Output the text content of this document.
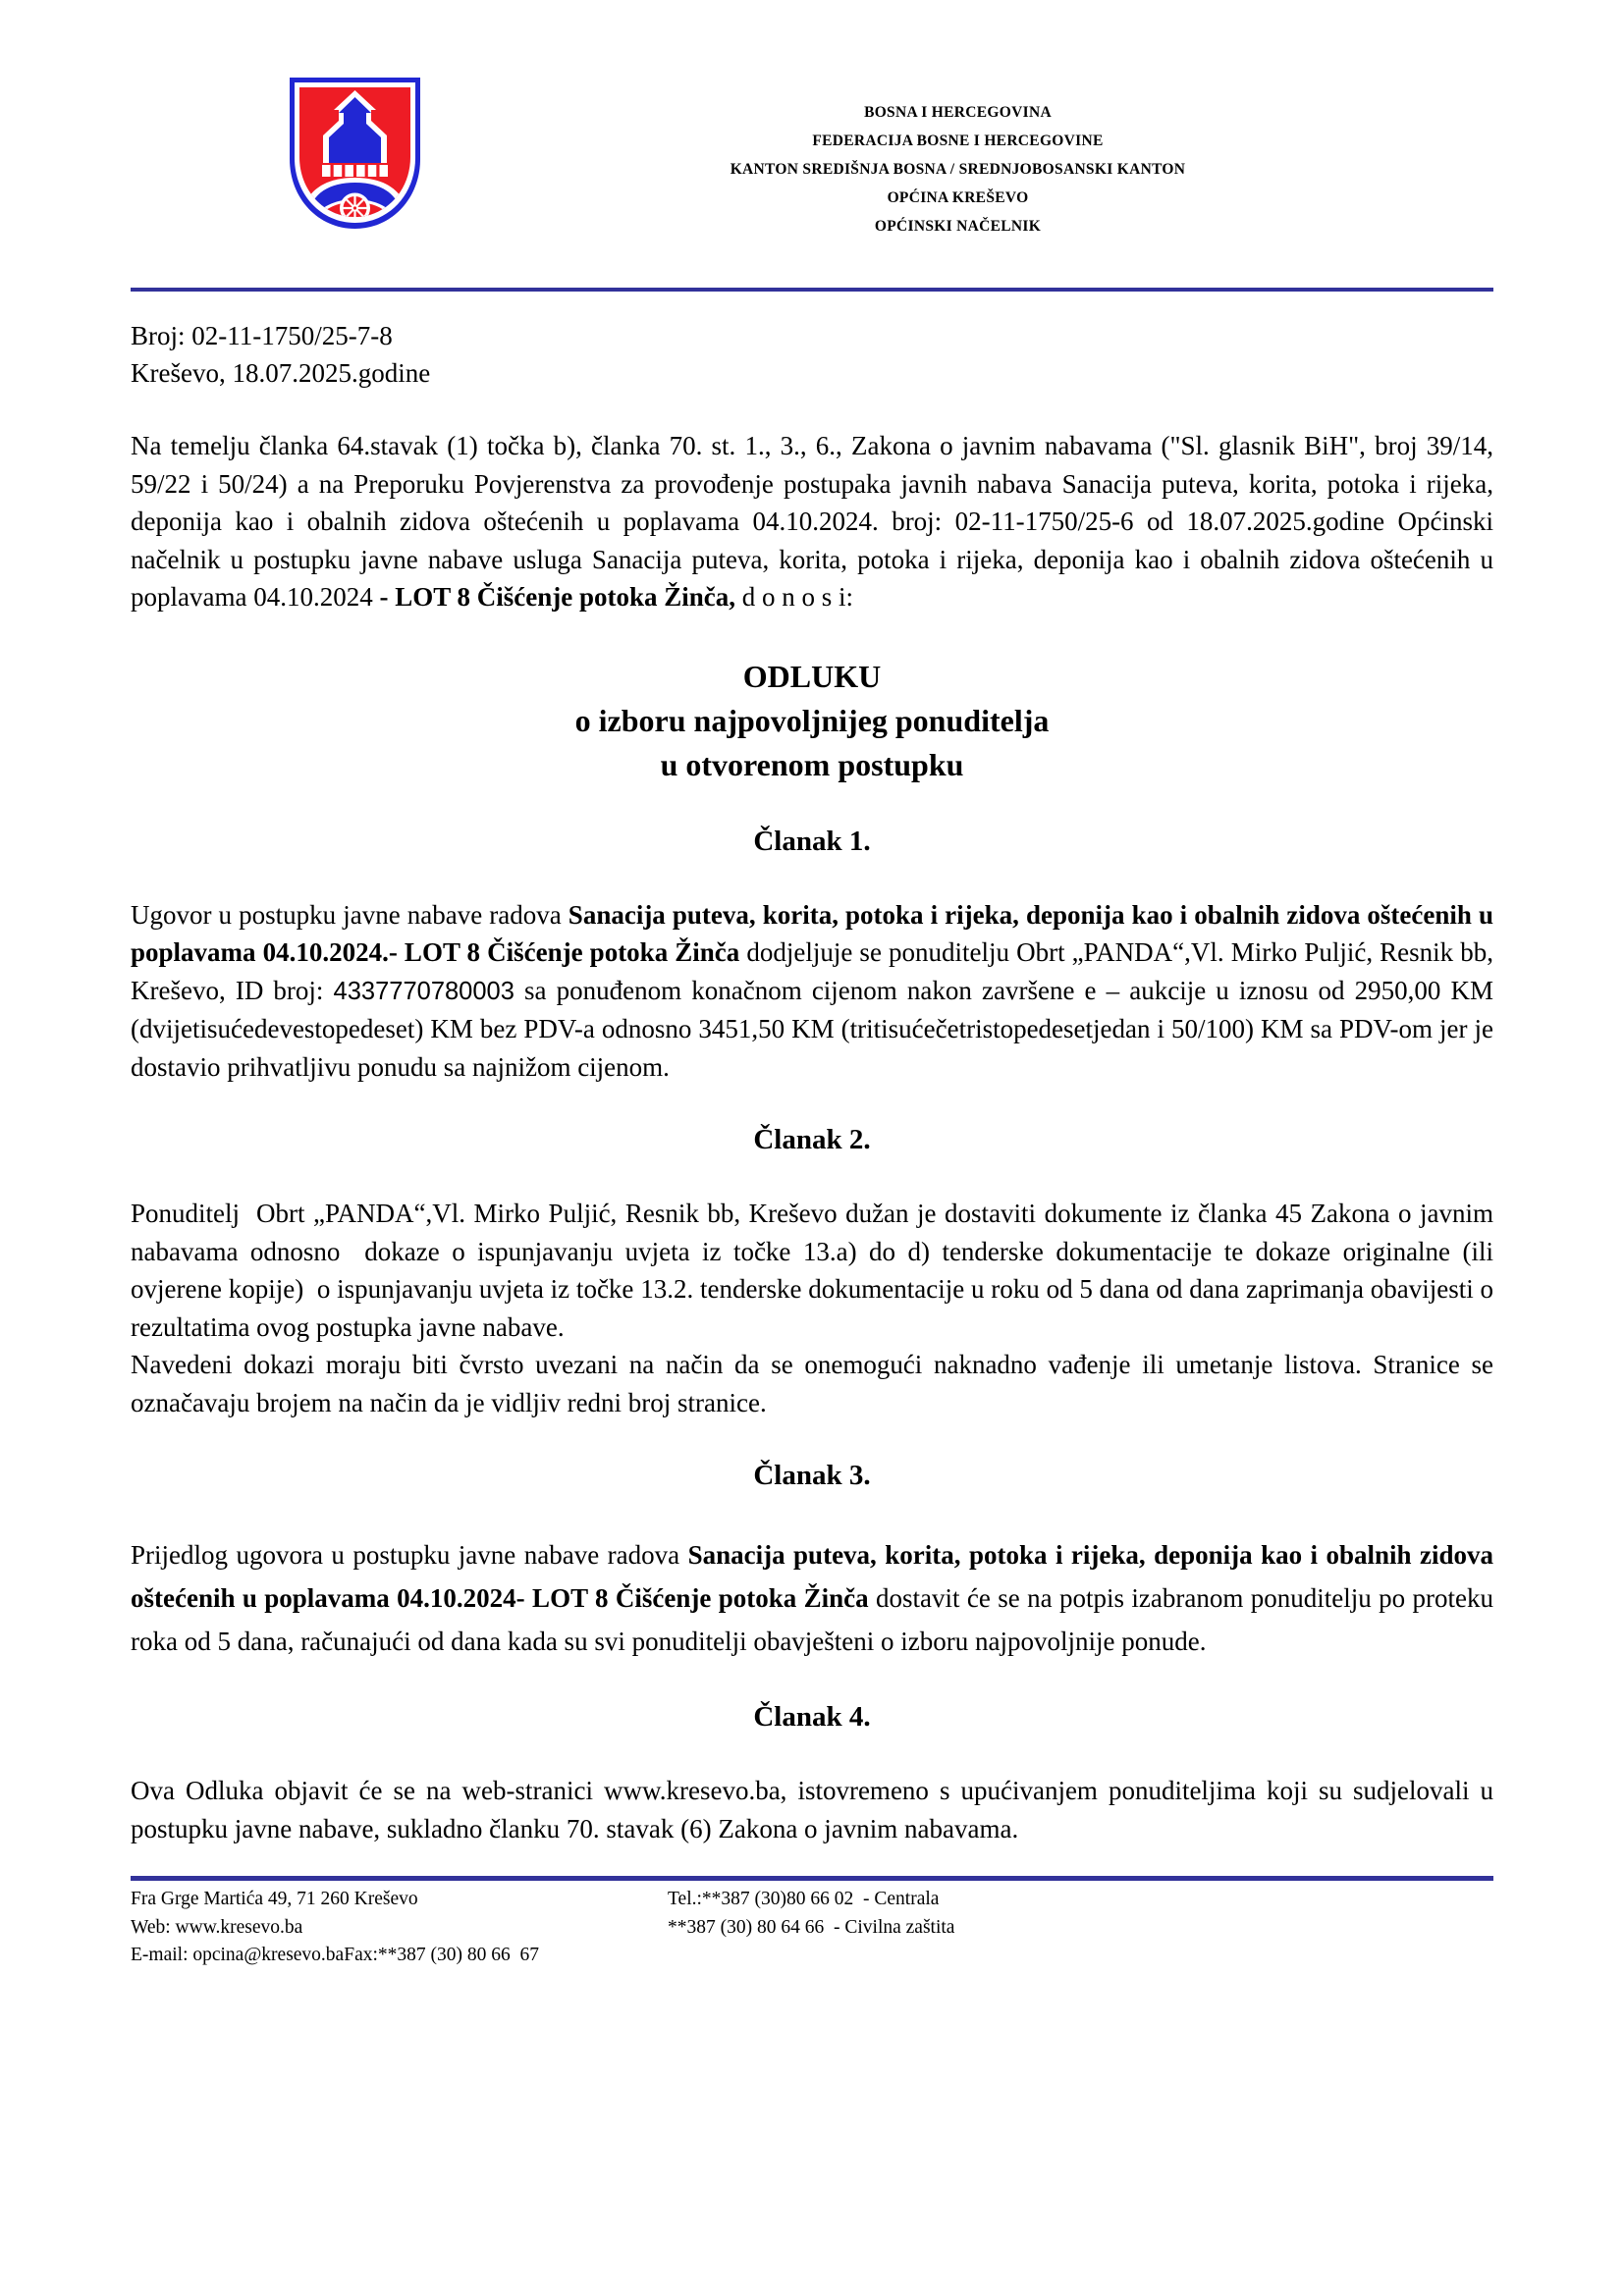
BOSNA I HERCEGOVINA
FEDERACIJA BOSNE I HERCEGOVINE
KANTON SREDIŠNJA BOSNA / SREDNJOBOSANSKI KANTON
OPĆINA KREŠEVO
OPĆINSKI NAČELNIK
Broj: 02-11-1750/25-7-8
Kreševo, 18.07.2025.godine

Na temelju članka 64.stavak (1) točka b), članka 70. st. 1., 3., 6., Zakona o javnim nabavama ("Sl. glasnik BiH", broj 39/14, 59/22 i 50/24) a na Preporuku Povjerenstva za provođenje postupaka javnih nabava Sanacija puteva, korita, potoka i rijeka, deponija kao i obalnih zidova oštećenih u poplavama 04.10.2024. broj: 02-11-1750/25-6 od 18.07.2025.godine Općinski načelnik u postupku javne nabave usluga Sanacija puteva, korita, potoka i rijeka, deponija kao i obalnih zidova oštećenih u poplavama 04.10.2024 - LOT 8 Čišćenje potoka Žinča, d o n o s i:

ODLUKU
o izboru najpovoljnijeg ponuditelja
u otvorenom postupku
Članak 1.

Ugovor u postupku javne nabave radova Sanacija puteva, korita, potoka i rijeka, deponija kao i obalnih zidova oštećenih u poplavama 04.10.2024.- LOT 8 Čišćenje potoka Žinča dodjeljuje se ponuditelju Obrt „PANDA“,Vl. Mirko Puljić, Resnik bb, Kreševo, ID broj: 4337770780003 sa ponuđenom konačnom cijenom nakon završene e – aukcije u iznosu od 2950,00 KM (dvijetisućedevestopedeset) KM bez PDV-a odnosno 3451,50 KM (tritisućečetristopedesetjedan i 50/100) KM sa PDV-om jer je dostavio prihvatljivu ponudu sa najnižom cijenom.

Članak 2.

Ponuditelj  Obrt „PANDA“,Vl. Mirko Puljić, Resnik bb, Kreševo dužan je dostaviti dokumente iz članka 45 Zakona o javnim nabavama odnosno  dokaze o ispunjavanju uvjeta iz točke 13.a) do d) tenderske dokumentacije te dokaze originalne (ili ovjerene kopije)  o ispunjavanju uvjeta iz točke 13.2. tenderske dokumentacije u roku od 5 dana od dana zaprimanja obavijesti o rezultatima ovog postupka javne nabave.

Navedeni dokazi moraju biti čvrsto uvezani na način da se onemogući naknadno vađenje ili umetanje listova. Stranice se označavaju brojem na način da je vidljiv redni broj stranice.

Članak 3.

Prijedlog ugovora u postupku javne nabave radova Sanacija puteva, korita, potoka i rijeka, deponija kao i obalnih zidova oštećenih u poplavama 04.10.2024- LOT 8 Čišćenje potoka Žinča dostavit će se na potpis izabranom ponuditelju po proteku roka od 5 dana, računajući od dana kada su svi ponuditelji obavješteni o izboru najpovoljnije ponude.

Članak 4.

Ova Odluka objavit će se na web-stranici www.kresevo.ba, istovremeno s upućivanjem ponuditeljima koji su sudjelovali u postupku javne nabave, sukladno članku 70. stavak (6) Zakona o javnim nabavama.

Fra Grge Martića 49, 71 260 Kreševo	Tel.:**387 (30)80 66 02  - Centrala
Web: www.kresevo.ba	**387 (30) 80 64 66  - Civilna zaštita
E-mail: opcina@kresevo.baFax:**387 (30) 80 66  67
